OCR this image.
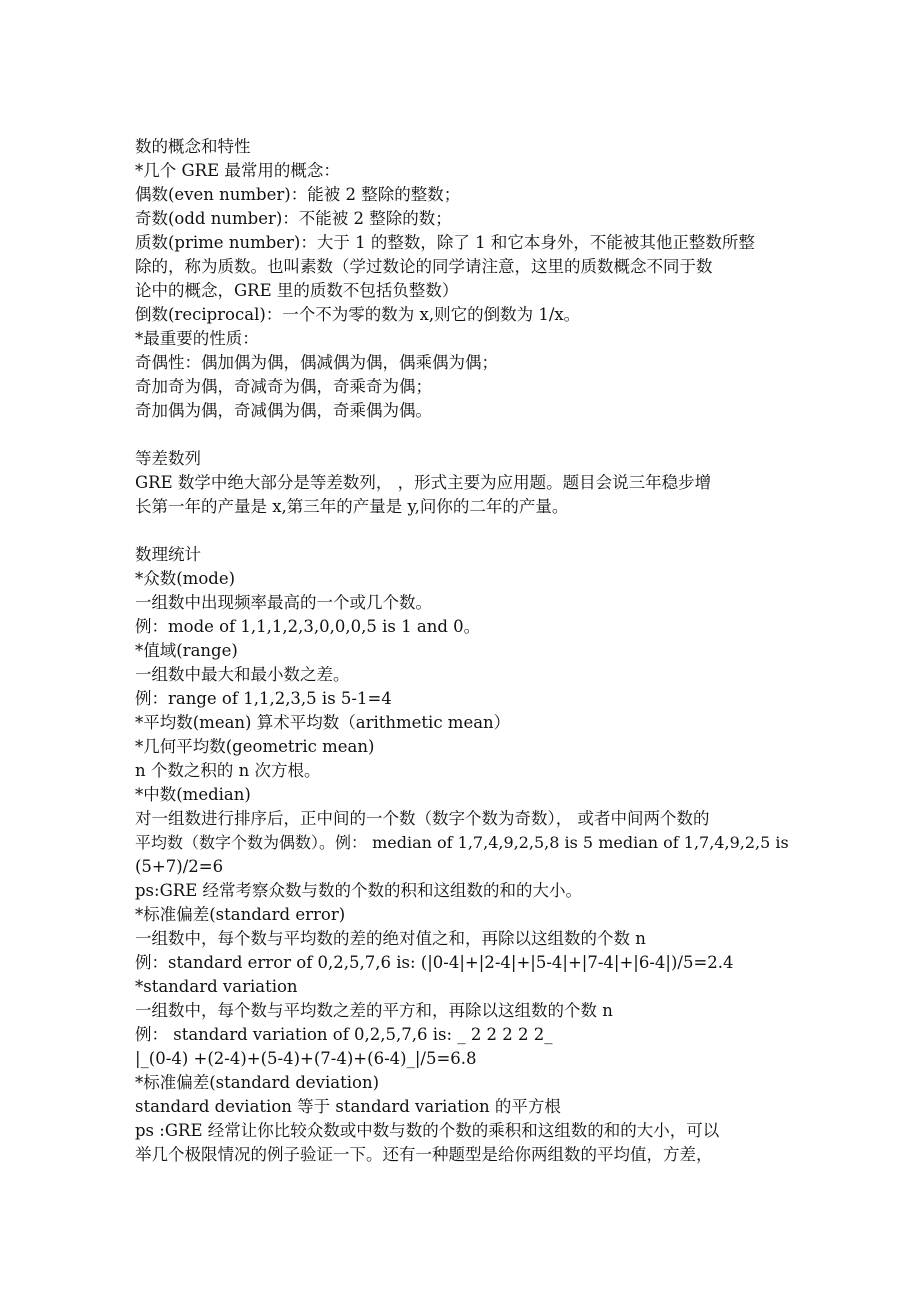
数的概念和特性
*几个 GRE 最常用的概念：
偶数(even number)：能被 2 整除的整数；
奇数(odd number)：不能被 2 整除的数；
质数(prime number)：大于 1 的整数，除了 1 和它本身外，不能被其他正整数所整
除的，称为质数。也叫素数（学过数论的同学请注意，这里的质数概念不同于数
论中的概念，GRE 里的质数不包括负整数）
倒数(reciprocal)：一个不为零的数为 x,则它的倒数为 1/x。
*最重要的性质：
奇偶性：偶加偶为偶，偶减偶为偶，偶乘偶为偶；
奇加奇为偶，奇减奇为偶，奇乘奇为偶；
奇加偶为偶，奇减偶为偶，奇乘偶为偶。
等差数列
GRE 数学中绝大部分是等差数列， ，形式主要为应用题。题目会说三年稳步增
长第一年的产量是 x,第三年的产量是 y,问你的二年的产量。
数理统计
*众数(mode)
一组数中出现频率最高的一个或几个数。
例：mode of 1,1,1,2,3,0,0,0,5 is 1 and 0。
*值域(range)
一组数中最大和最小数之差。
例：range of 1,1,2,3,5 is 5-1=4
*平均数(mean) 算术平均数（arithmetic mean）
*几何平均数(geometric mean)
n 个数之积的 n 次方根。
*中数(median)
对一组数进行排序后，正中间的一个数（数字个数为奇数）， 或者中间两个数的
平均数（数字个数为偶数）。例： median of 1,7,4,9,2,5,8 is 5 median of 1,7,4,9,2,5 is
(5+7)/2=6
ps:GRE 经常考察众数与数的个数的积和这组数的和的大小。
*标准偏差(standard error)
一组数中，每个数与平均数的差的绝对值之和，再除以这组数的个数 n
例：standard error of 0,2,5,7,6 is: (|0-4|+|2-4|+|5-4|+|7-4|+|6-4|)/5=2.4
*standard variation
一组数中，每个数与平均数之差的平方和，再除以这组数的个数 n
例： standard variation of 0,2,5,7,6 is: _ 2 2 2 2 2_
|_(0-4) +(2-4)+(5-4)+(7-4)+(6-4)_|/5=6.8
*标准偏差(standard deviation)
standard deviation 等于 standard variation 的平方根
ps :GRE 经常让你比较众数或中数与数的个数的乘积和这组数的和的大小，可以
举几个极限情况的例子验证一下。还有一种题型是给你两组数的平均值，方差，
